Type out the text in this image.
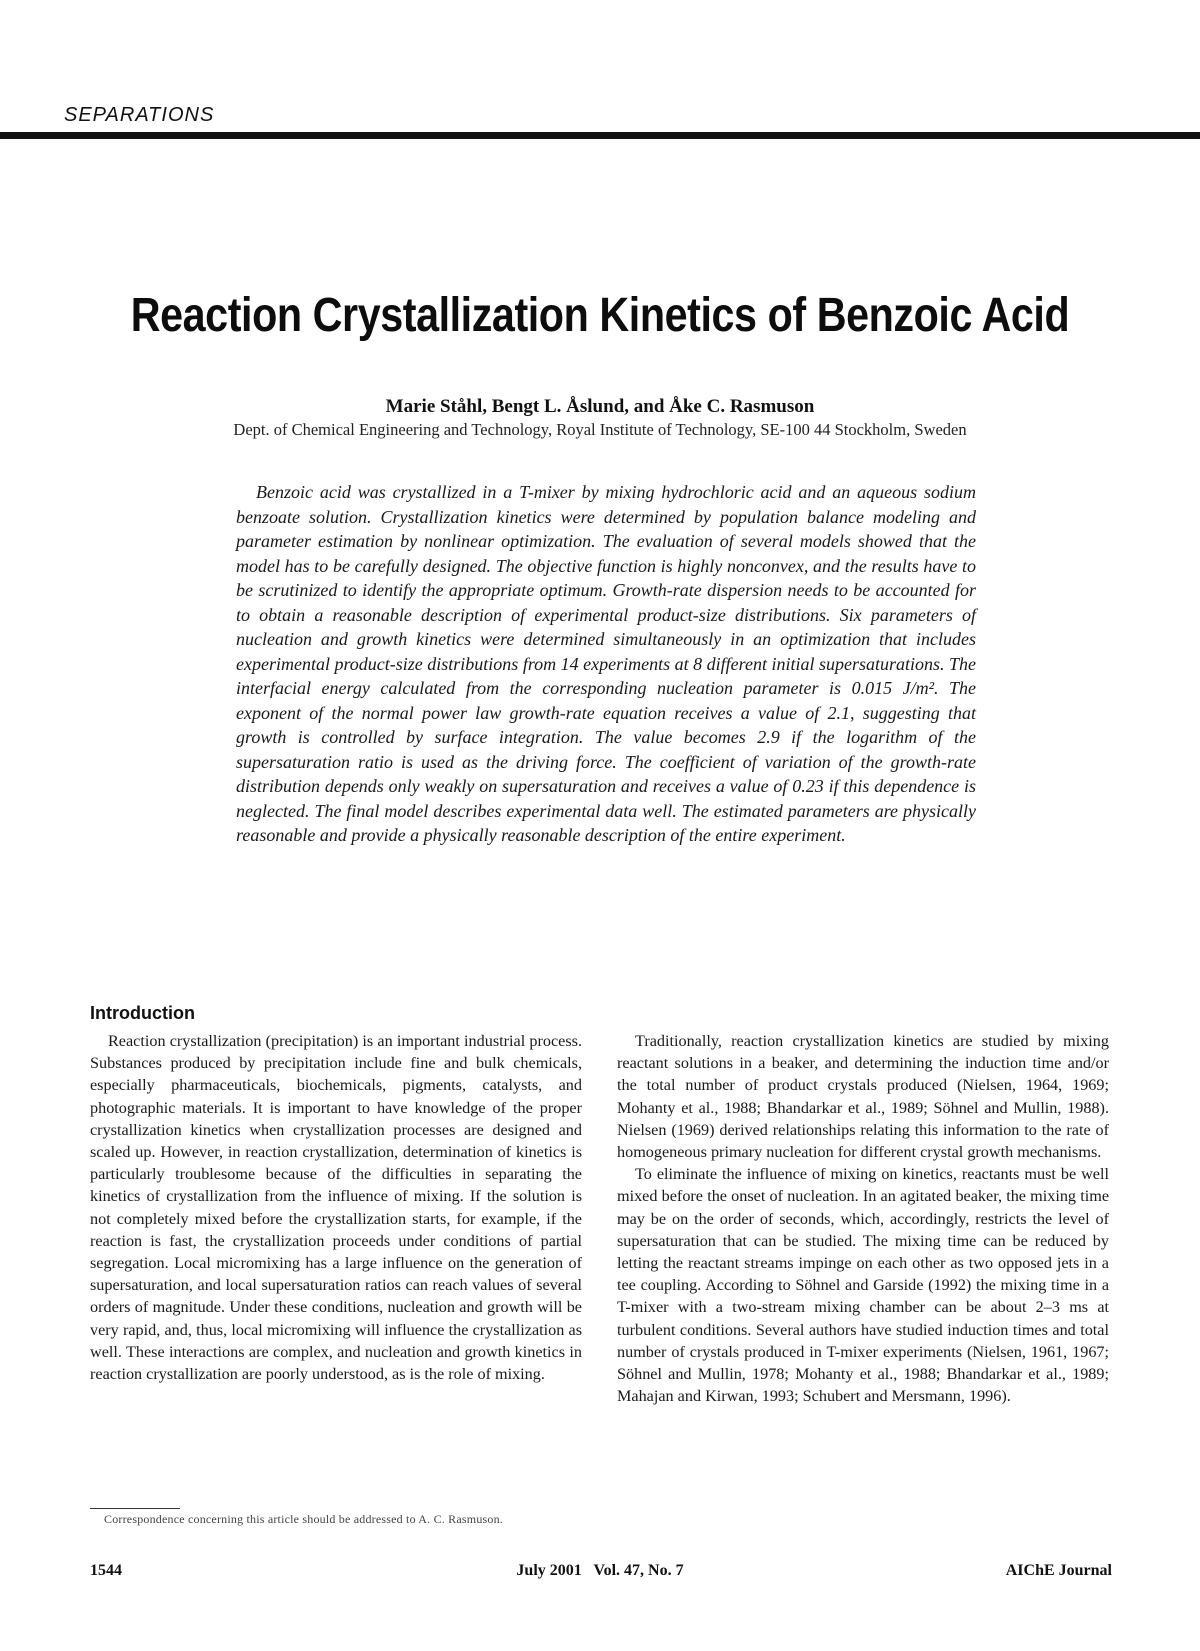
SEPARATIONS
Reaction Crystallization Kinetics of Benzoic Acid
Marie Ståhl, Bengt L. Åslund, and Åke C. Rasmuson
Dept. of Chemical Engineering and Technology, Royal Institute of Technology, SE-100 44 Stockholm, Sweden

Benzoic acid was crystallized in a T-mixer by mixing hydrochloric acid and an aqueous sodium benzoate solution. Crystallization kinetics were determined by population balance modeling and parameter estimation by nonlinear optimization. The evaluation of several models showed that the model has to be carefully designed. The objective function is highly nonconvex, and the results have to be scrutinized to identify the appropriate optimum. Growth-rate dispersion needs to be accounted for to obtain a reasonable description of experimental product-size distributions. Six parameters of nucleation and growth kinetics were determined simultaneously in an optimization that includes experimental product-size distributions from 14 experiments at 8 different initial supersaturations. The interfacial energy calculated from the corresponding nucleation parameter is 0.015 J/m². The exponent of the normal power law growth-rate equation receives a value of 2.1, suggesting that growth is controlled by surface integration. The value becomes 2.9 if the logarithm of the supersaturation ratio is used as the driving force. The coefficient of variation of the growth-rate distribution depends only weakly on supersaturation and receives a value of 0.23 if this dependence is neglected. The final model describes experimental data well. The estimated parameters are physically reasonable and provide a physically reasonable description of the entire experiment.

Introduction

Reaction crystallization (precipitation) is an important industrial process. Substances produced by precipitation include fine and bulk chemicals, especially pharmaceuticals, biochemicals, pigments, catalysts, and photographic materials. It is important to have knowledge of the proper crystallization kinetics when crystallization processes are designed and scaled up. However, in reaction crystallization, determination of kinetics is particularly troublesome because of the difficulties in separating the kinetics of crystallization from the influence of mixing. If the solution is not completely mixed before the crystallization starts, for example, if the reaction is fast, the crystallization proceeds under conditions of partial segregation. Local micromixing has a large influence on the generation of supersaturation, and local supersaturation ratios can reach values of several orders of magnitude. Under these conditions, nucleation and growth will be very rapid, and, thus, local micromixing will influence the crystallization as well. These interactions are complex, and nucleation and growth kinetics in reaction crystallization are poorly understood, as is the role of mixing.

Traditionally, reaction crystallization kinetics are studied by mixing reactant solutions in a beaker, and determining the induction time and/or the total number of product crystals produced (Nielsen, 1964, 1969; Mohanty et al., 1988; Bhandarkar et al., 1989; Söhnel and Mullin, 1988). Nielsen (1969) derived relationships relating this information to the rate of homogeneous primary nucleation for different crystal growth mechanisms.

To eliminate the influence of mixing on kinetics, reactants must be well mixed before the onset of nucleation. In an agitated beaker, the mixing time may be on the order of seconds, which, accordingly, restricts the level of supersaturation that can be studied. The mixing time can be reduced by letting the reactant streams impinge on each other as two opposed jets in a tee coupling. According to Söhnel and Garside (1992) the mixing time in a T-mixer with a two-stream mixing chamber can be about 2–3 ms at turbulent conditions. Several authors have studied induction times and total number of crystals produced in T-mixer experiments (Nielsen, 1961, 1967; Söhnel and Mullin, 1978; Mohanty et al., 1988; Bhandarkar et al., 1989; Mahajan and Kirwan, 1993; Schubert and Mersmann, 1996).

Correspondence concerning this article should be addressed to A. C. Rasmuson.
1544	July 2001   Vol. 47, No. 7	AIChE Journal
